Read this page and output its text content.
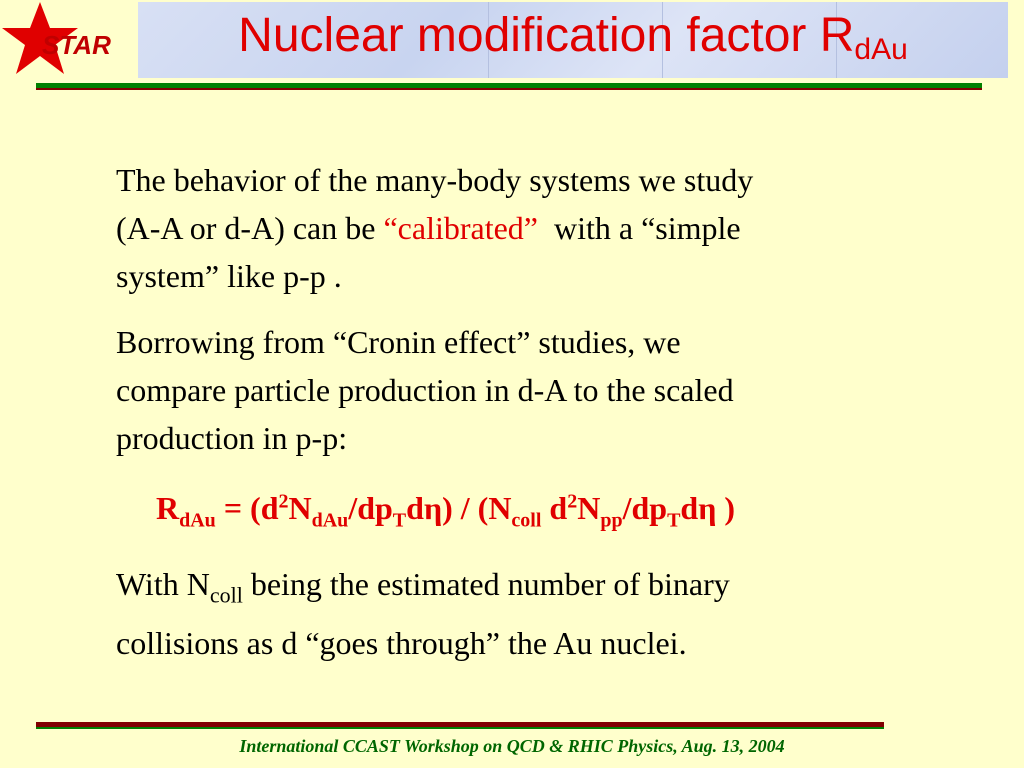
STAR	Nuclear modification factor $R_{dAu}$

The behavior of the many-body systems we study
(A-A or d-A) can be “calibrated”  with a “simple
system” like p-p .

Borrowing from “Cronin effect” studies, we
compare particle production in d-A to the scaled
production in p-p:

$R_{dAu} = (d^2N_{dAu}/dp_Td\eta) / (N_{coll}$ $d^2N_{pp}/dp_Td\eta$ )
With $N_{coll}$ being the estimated number of binary
collisions as d “goes through” the Au nuclei.
International CCAST Workshop on QCD & RHIC Physics, Aug. 13, 2004
